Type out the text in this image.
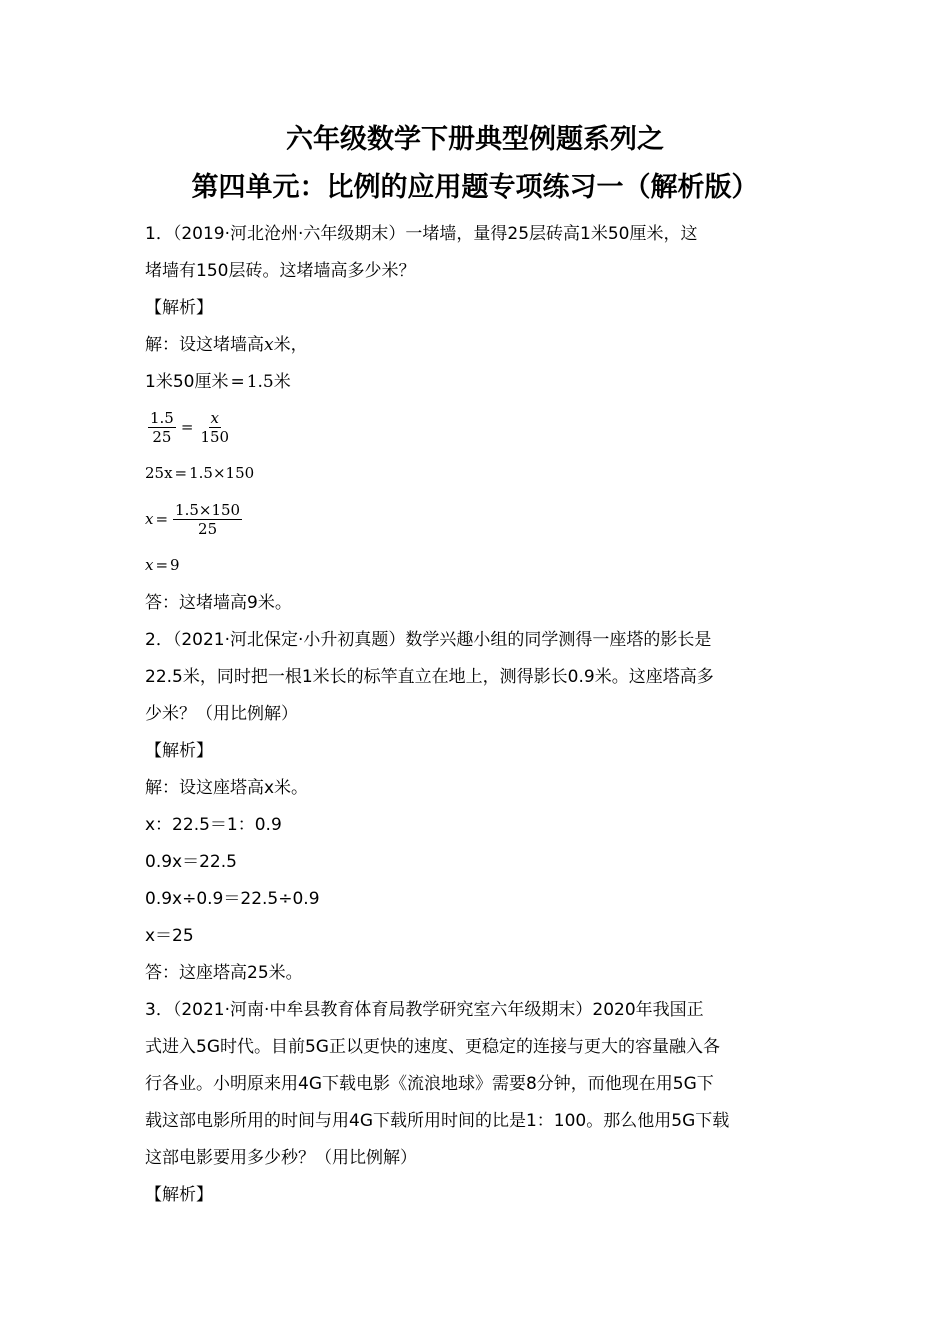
六年级数学下册典型例题系列之
第四单元：比例的应用题专项练习一（解析版）

1．（2019·河北沧州·六年级期末）一堵墙，量得25层砖高1米50厘米，这

堵墙有150层砖。这堵墙高多少米？

【解析】

解：设这堵墙高x米，

1米50厘米 = 1.5米

$\frac{1.5}{25} = \frac{x}{150}$
25x = 1.5×150
$x = \frac{1.5\times 150}{25}$
x = 9

答：这堵墙高9米。

2．（2021·河北保定·小升初真题）数学兴趣小组的同学测得一座塔的影长是

22.5米，同时把一根1米长的标竿直立在地上，测得影长0.9米。这座塔高多

少米？（用比例解）

【解析】

解：设这座塔高x米。

x：22.5＝1：0.9

0.9x＝22.5

0.9x÷0.9＝22.5÷0.9

x＝25

答：这座塔高25米。

3．（2021·河南·中牟县教育体育局教学研究室六年级期末）2020年我国正

式进入5G时代。目前5G正以更快的速度、更稳定的连接与更大的容量融入各

行各业。小明原来用4G下载电影《流浪地球》需要8分钟，而他现在用5G下

载这部电影所用的时间与用4G下载所用时间的比是1：100。那么他用5G下载

这部电影要用多少秒？（用比例解）

【解析】
